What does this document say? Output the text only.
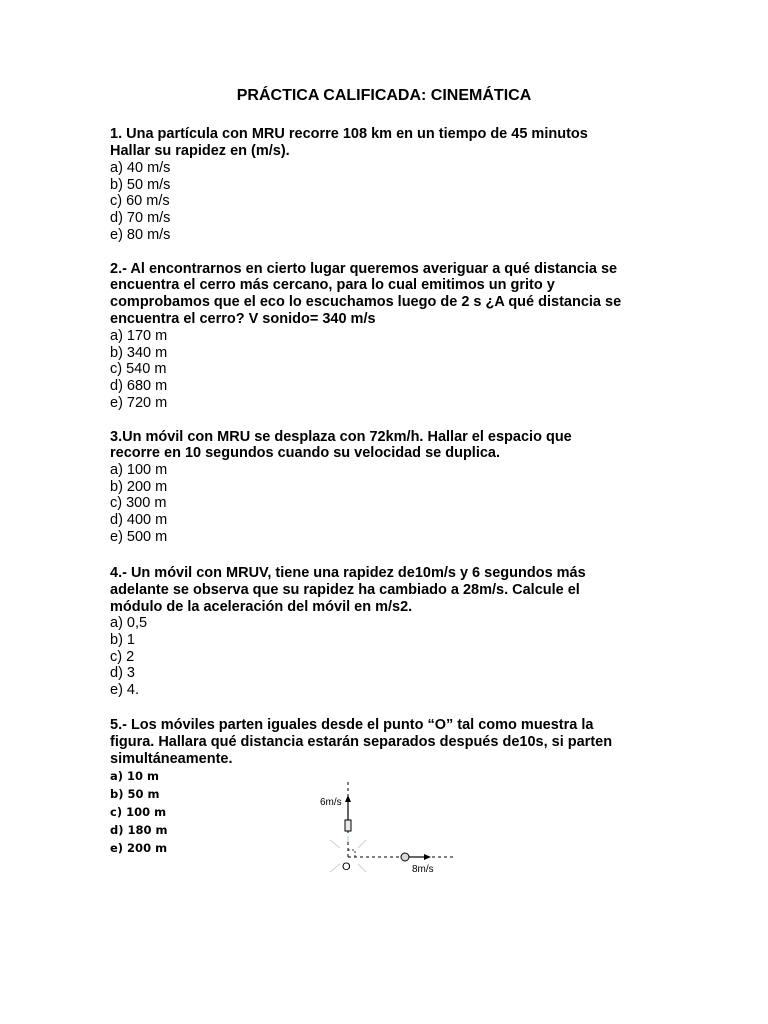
PRÁCTICA CALIFICADA: CINEMÁTICA

1. Una partícula con MRU recorre 108 km en un tiempo de 45 minutos

Hallar su rapidez en (m/s).

a) 40 m/s

b) 50 m/s

c) 60 m/s

d) 70 m/s

e) 80 m/s

2.- Al encontrarnos en cierto lugar queremos averiguar a qué distancia se

encuentra el cerro más cercano, para lo cual emitimos un grito y

comprobamos que el eco lo escuchamos luego de 2 s ¿A qué distancia se

encuentra el cerro? V sonido= 340 m/s

a) 170 m

b) 340 m

c) 540 m

d) 680 m

e) 720 m

3.Un móvil con MRU se desplaza con 72km/h. Hallar el espacio que

recorre en 10 segundos cuando su velocidad se duplica.

a) 100 m

b) 200 m

c) 300 m

d) 400 m

e) 500 m

4.- Un móvil con MRUV, tiene una rapidez de10m/s y 6 segundos más

adelante se observa que su rapidez ha cambiado a 28m/s. Calcule el

módulo de la aceleración del móvil en m/s2.

a) 0,5

b) 1

c) 2

d) 3

e) 4.

5.- Los móviles parten iguales desde el punto “O” tal como muestra la

figura. Hallara qué distancia estarán separados después de10s, si parten

simultáneamente.

a) 10 m

b) 50 m

c) 100 m

d) 180 m

e) 200 m

6m/s
8m/s
O
